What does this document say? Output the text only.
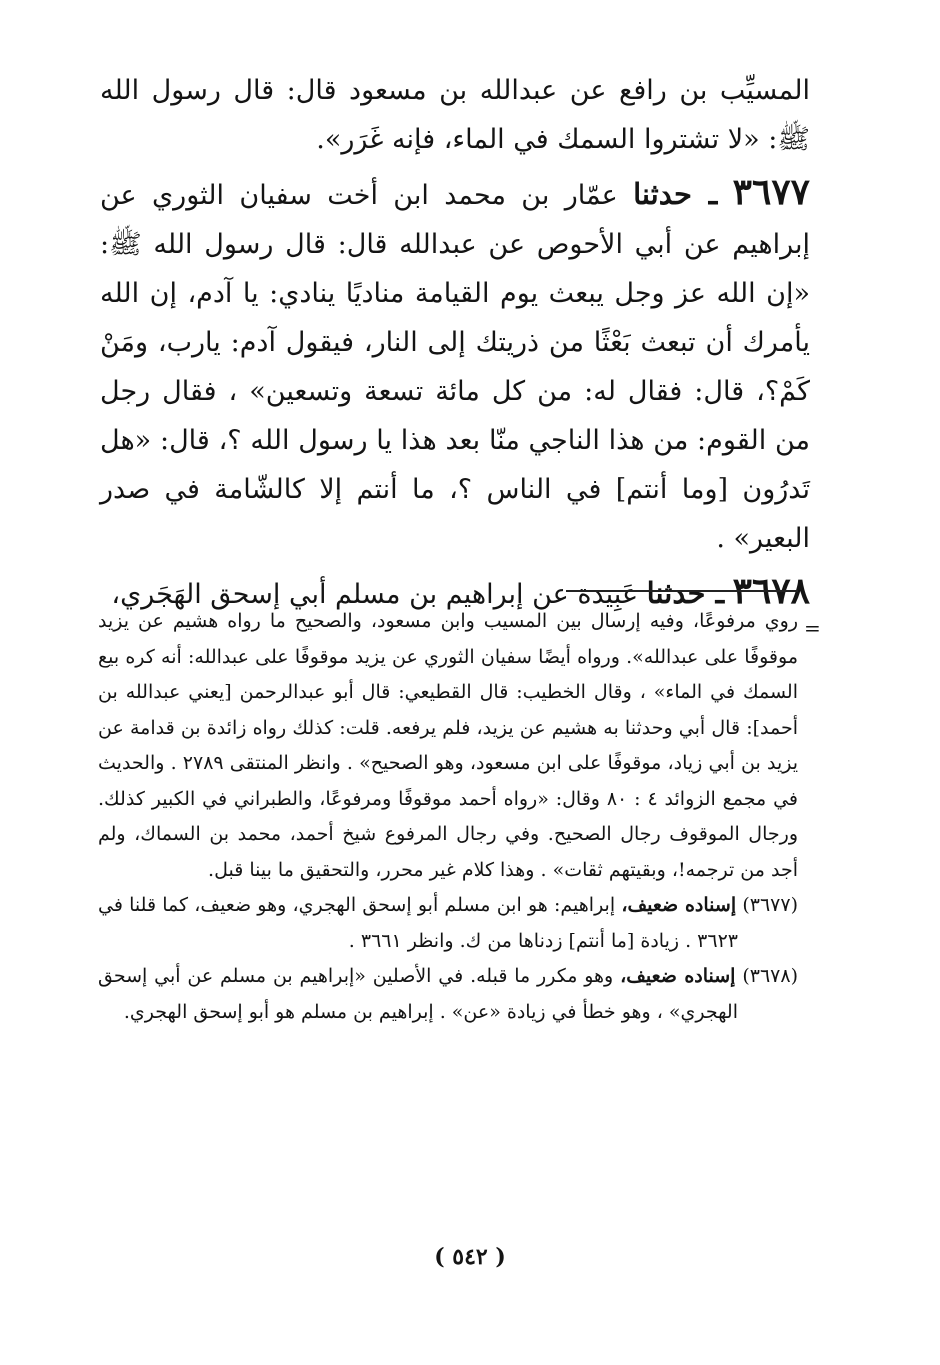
المسيِّب بن رافع عن عبدالله بن مسعود قال: قال رسول الله ﷺ: «لا تشتروا السمك في الماء، فإنه غَرَر».

٣٦٧٧ ـ حدثنا عمّار بن محمد ابن أخت سفيان الثوري عن إبراهيم عن أبي الأحوص عن عبدالله قال: قال رسول الله ﷺ: «إن الله عز وجل يبعث يوم القيامة مناديًا ينادي: يا آدم، إن الله يأمرك أن تبعث بَعْثًا من ذريتك إلى النار، فيقول آدم: يارب، ومَنْ كَمْ؟، قال: فقال له: من كل مائة تسعة وتسعين» ، فقال رجل من القوم: من هذا الناجي منّا بعد هذا يا رسول الله ؟، قال: «هل تَدرُون [وما أنتم] في الناس ؟، ما أنتم إلا كالشّامة في صدر البعير» .

٣٦٧٨ ـ حدثنا عَبِيدة عن إبراهيم بن مسلم أبي إسحق الهَجَري،

=

روي مرفوعًا، وفيه إرسال بين المسيب وابن مسعود، والصحيح ما رواه هشيم عن يزيد موقوفًا على عبدالله». ورواه أيضًا سفيان الثوري عن يزيد موقوفًا على عبدالله: أنه كره بيع السمك في الماء» ، وقال الخطيب: قال القطيعي: قال أبو عبدالرحمن [يعني عبدالله بن أحمد]: قال أبي وحدثنا به هشيم عن يزيد، فلم يرفعه. قلت: كذلك رواه زائدة بن قدامة عن يزيد بن أبي زياد، موقوفًا على ابن مسعود، وهو الصحيح» . وانظر المنتقى ٢٧٨٩ . والحديث في مجمع الزوائد ٤ : ٨٠ وقال: «رواه أحمد موقوفًا ومرفوعًا، والطبراني في الكبير كذلك. ورجال الموقوف رجال الصحيح. وفي رجال المرفوع شيخ أحمد، محمد بن السماك، ولم أجد من ترجمه!، وبقيتهم ثقات» . وهذا كلام غير محرر، والتحقيق ما بينا قبل.

(٣٦٧٧) إسناده ضعيف، إبراهيم: هو ابن مسلم أبو إسحق الهجري، وهو ضعيف، كما قلنا في ٣٦٢٣ . زيادة [ما أنتم] زدناها من ك. وانظر ٣٦٦١ .

(٣٦٧٨) إسناده ضعيف، وهو مكرر ما قبله. في الأصلين «إبراهيم بن مسلم عن أبي إسحق الهجري» ، وهو خطأ في زيادة «عن» . إبراهيم بن مسلم هو أبو إسحق الهجري.

( ٥٤٢ )
